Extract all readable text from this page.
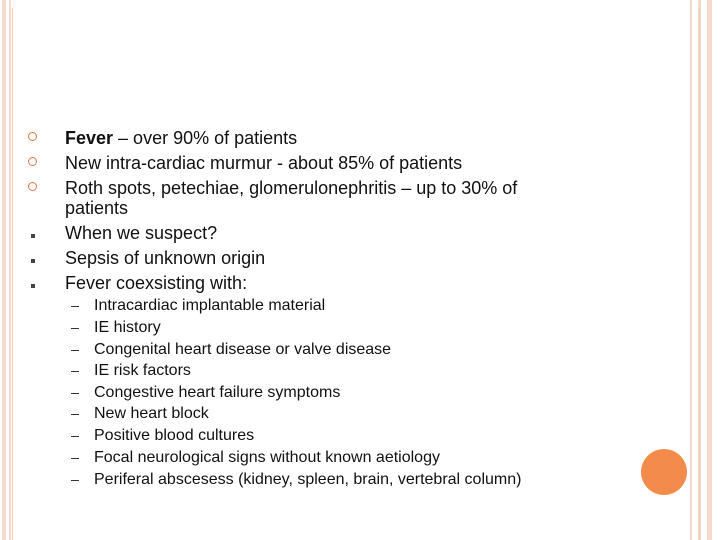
Fever – over 90% of patients
New intra-cardiac murmur - about 85% of patients
Roth spots, petechiae, glomerulonephritis – up to 30% of
patients
When we suspect?
Sepsis of unknown origin
Fever coexsisting with:
Intracardiac implantable material
IE history
Congenital heart disease or valve disease
IE risk factors
Congestive heart failure symptoms
New heart block
Positive blood cultures
Focal neurological signs without known aetiology
Periferal abscesess (kidney, spleen, brain, vertebral column)
